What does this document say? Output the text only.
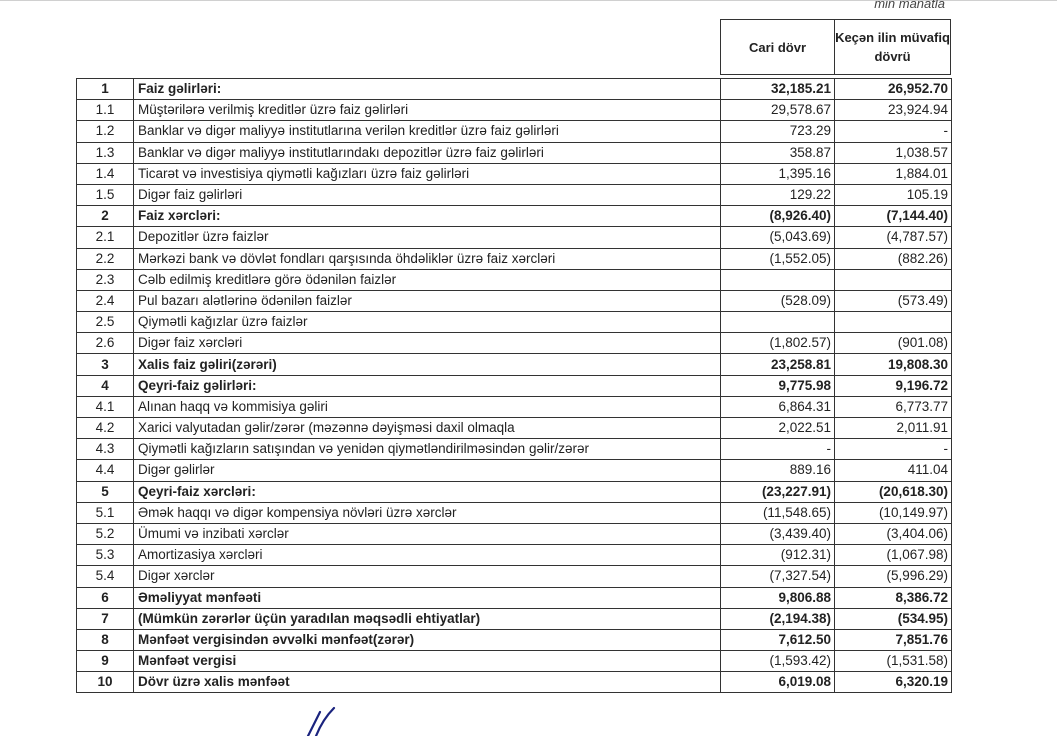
min manatla
Cari dövr
Keçən ilin müvafiq dövrü
1	Faiz gəlirləri:	32,185.21	26,952.70
1.1	Müştərilərə verilmiş kreditlər üzrə faiz gəlirləri	29,578.67	23,924.94
1.2	Banklar və digər maliyyə institutlarına verilən kreditlər üzrə faiz gəlirləri	723.29	-
1.3	Banklar və digər maliyyə institutlarındakı depozitlər üzrə faiz gəlirləri	358.87	1,038.57
1.4	Ticarət və investisiya qiymətli kağızları üzrə faiz gəlirləri	1,395.16	1,884.01
1.5	Digər faiz gəlirləri	129.22	105.19
2	Faiz xərcləri:	(8,926.40)	(7,144.40)
2.1	Depozitlər üzrə faizlər	(5,043.69)	(4,787.57)
2.2	Mərkəzi bank və dövlət fondları qarşısında öhdəliklər üzrə faiz xərcləri	(1,552.05)	(882.26)
2.3	Cəlb edilmiş kreditlərə görə ödənilən faizlər		
2.4	Pul bazarı alətlərinə ödənilən faizlər	(528.09)	(573.49)
2.5	Qiymətli kağızlar üzrə faizlər		
2.6	Digər faiz xərcləri	(1,802.57)	(901.08)
3	Xalis faiz gəliri(zərəri)	23,258.81	19,808.30
4	Qeyri-faiz gəlirləri:	9,775.98	9,196.72
4.1	Alınan haqq və kommisiya gəliri	6,864.31	6,773.77
4.2	Xarici valyutadan gəlir/zərər (məzənnə dəyişməsi daxil olmaqla	2,022.51	2,011.91
4.3	Qiymətli kağızların satışından və yenidən qiymətləndirilməsindən gəlir/zərər	-	-
4.4	Digər gəlirlər	889.16	411.04
5	Qeyri-faiz xərcləri:	(23,227.91)	(20,618.30)
5.1	Əmək haqqı və digər kompensiya növləri üzrə xərclər	(11,548.65)	(10,149.97)
5.2	Ümumi və inzibati xərclər	(3,439.40)	(3,404.06)
5.3	Amortizasiya xərcləri	(912.31)	(1,067.98)
5.4	Digər xərclər	(7,327.54)	(5,996.29)
6	Əməliyyat mənfəəti	9,806.88	8,386.72
7	(Mümkün zərərlər üçün yaradılan məqsədli ehtiyatlar)	(2,194.38)	(534.95)
8	Mənfəət vergisindən əvvəlki mənfəət(zərər)	7,612.50	7,851.76
9	Mənfəət vergisi	(1,593.42)	(1,531.58)
10	Dövr üzrə xalis mənfəət	6,019.08	6,320.19
